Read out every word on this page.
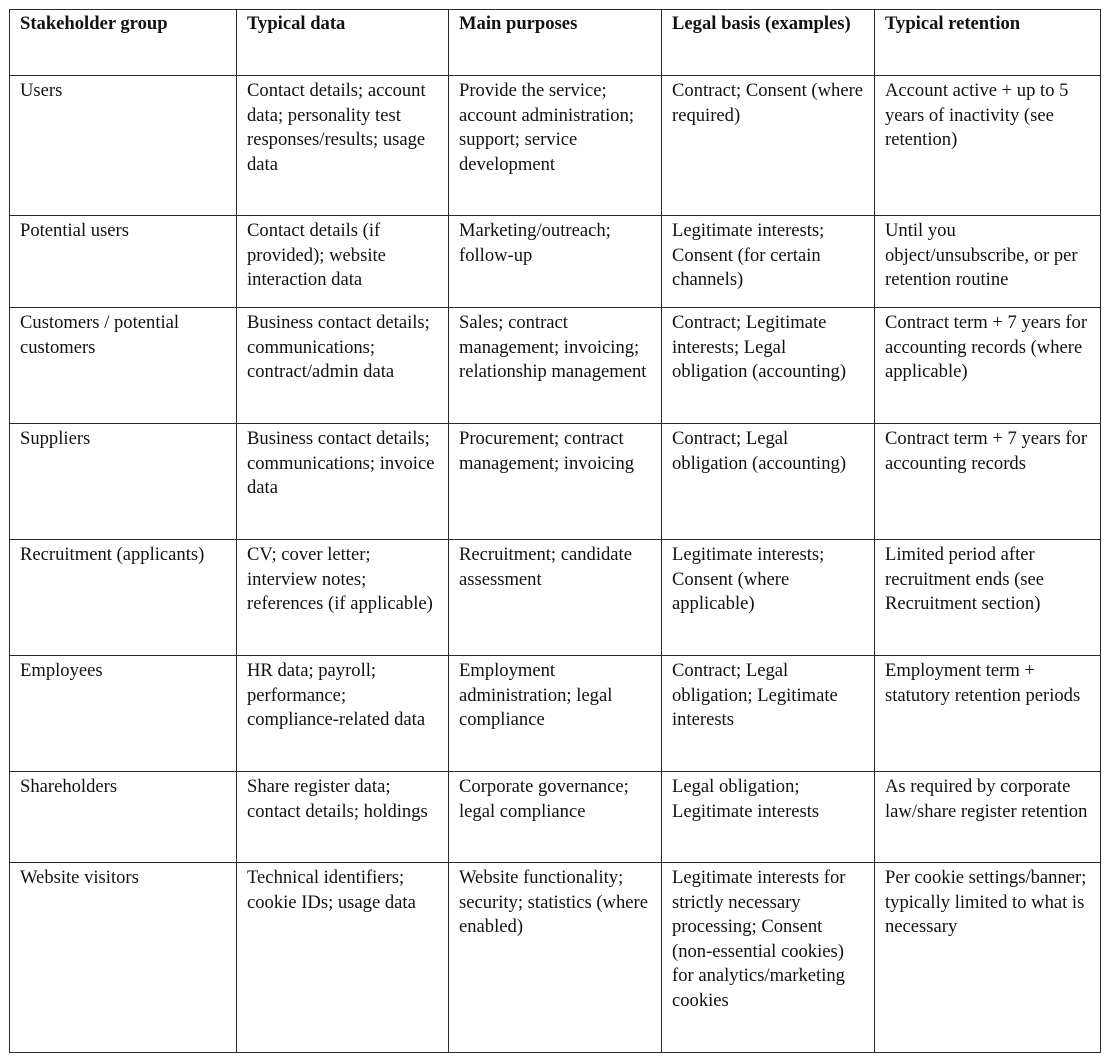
Stakeholder group	Typical data	Main purposes	Legal basis (examples)	Typical retention
Users	Contact details; account data; personality test responses/results; usage data	Provide the service; account administration; support; service development	Contract; Consent (where required)	Account active + up to 5 years of inactivity (see retention)
Potential users	Contact details (if provided); website interaction data	Marketing/outreach; follow-up	Legitimate interests; Consent (for certain channels)	Until you object/unsubscribe, or per retention routine
Customers / potential customers	Business contact details; communications; contract/admin data	Sales; contract management; invoicing; relationship management	Contract; Legitimate interests; Legal obligation (accounting)	Contract term + 7 years for accounting records (where applicable)
Suppliers	Business contact details; communications; invoice data	Procurement; contract management; invoicing	Contract; Legal obligation (accounting)	Contract term + 7 years for accounting records
Recruitment (applicants)	CV; cover letter; interview notes; references (if applicable)	Recruitment; candidate assessment	Legitimate interests; Consent (where applicable)	Limited period after recruitment ends (see Recruitment section)
Employees	HR data; payroll; performance; compliance-related data	Employment administration; legal compliance	Contract; Legal obligation; Legitimate interests	Employment term + statutory retention periods
Shareholders	Share register data; contact details; holdings	Corporate governance; legal compliance	Legal obligation; Legitimate interests	As required by corporate law/share register retention
Website visitors	Technical identifiers; cookie IDs; usage data	Website functionality; security; statistics (where enabled)	Legitimate interests for strictly necessary processing; Consent (non-essential cookies) for analytics/marketing cookies	Per cookie settings/banner; typically limited to what is necessary
